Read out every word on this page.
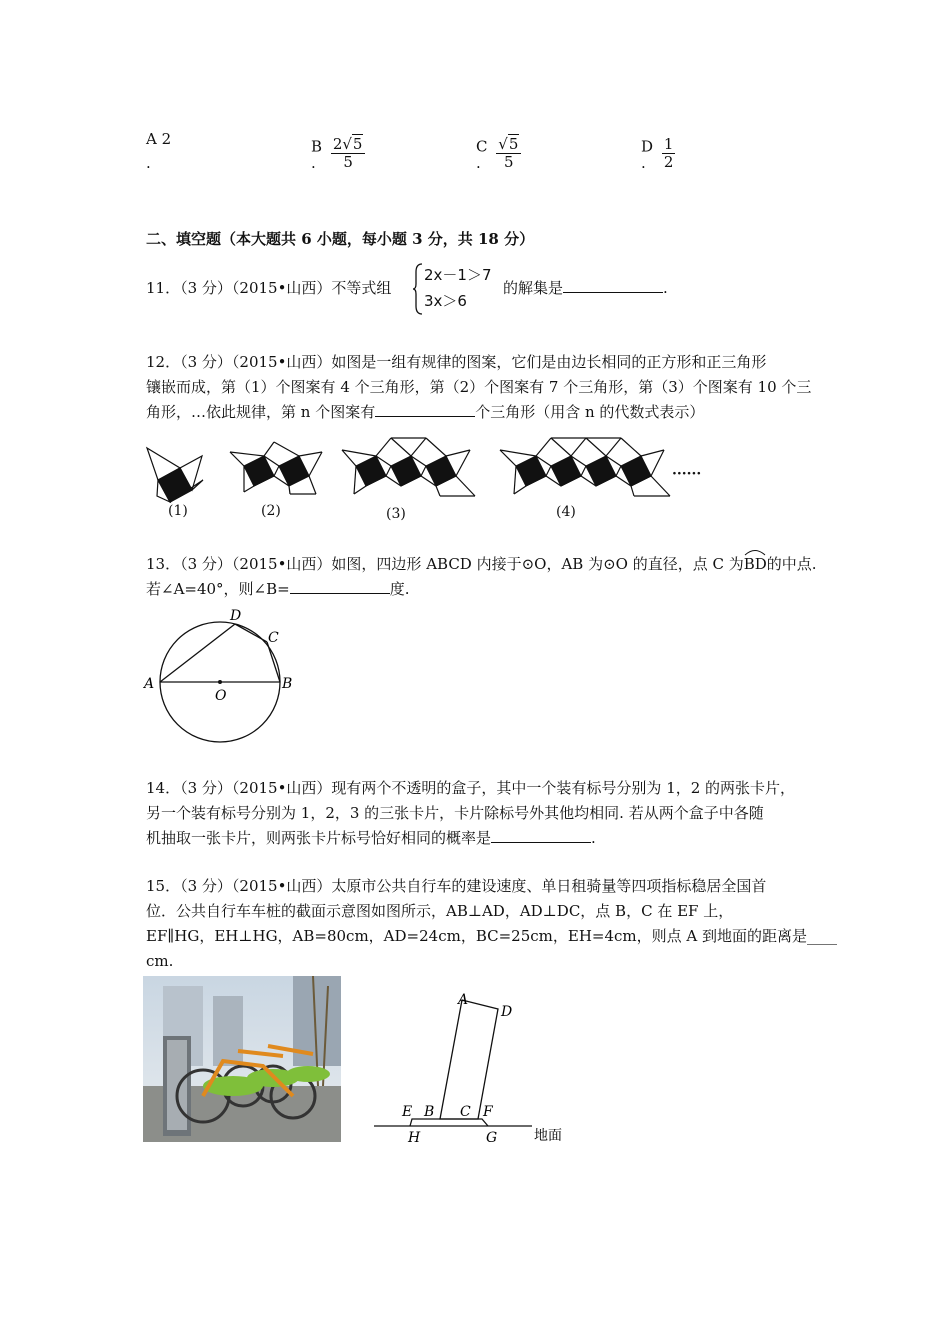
A 2
.
B $\frac{2√5}{5}$
.
C $\frac{√5}{5}$
.
D $\frac{1}{2}$
.
二、填空题（本大题共 6 小题，每小题 3 分，共 18 分）
11．（3 分）（2015•山西）不等式组
2x－1＞7
3x＞6
的解集是	.
12．（3 分）（2015•山西）如图是一组有规律的图案，它们是由边长相同的正方形和正三角形
镶嵌而成，第（1）个图案有 4 个三角形，第（2）个图案有 7 个三角形，第（3）个图案有 10 个三
角形，…依此规律，第 n 个图案有	个三角形（用含 n 的代数式表示）
······
(1)	(2)	(3)	(4)
13．（3 分）（2015•山西）如图，四边形 ABCD 内接于⊙O，AB 为⊙O 的直径，点 C 为
BD的中点.
若∠A=40°，则∠B=	度.
A	B
C
D
O
14．（3 分）（2015•山西）现有两个不透明的盒子，其中一个装有标号分别为 1，2 的两张卡片，
另一个装有标号分别为 1，2，3 的三张卡片，卡片除标号外其他均相同. 若从两个盒子中各随
机抽取一张卡片，则两张卡片标号恰好相同的概率是	.
15．（3 分）（2015•山西）太原市公共自行车的建设速度、单日租骑量等四项指标稳居全国首
位．公共自行车车桩的截面示意图如图所示，AB⊥AD，AD⊥DC，点 B，C 在 EF 上，
EF∥HG，EH⊥HG，AB=80cm，AD=24cm，BC=25cm，EH=4cm，则点 A 到地面的距离是____
cm.
A
D
E B C F
H	G	地面
